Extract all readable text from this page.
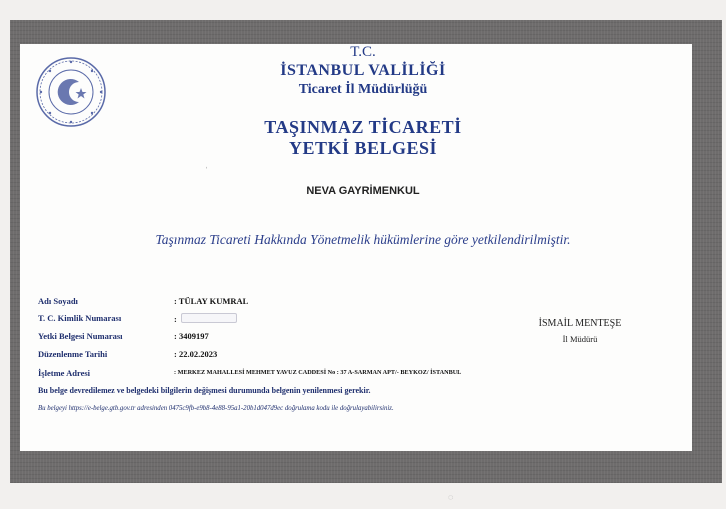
T.C.
İSTANBUL VALİLİĞİ
Ticaret İl Müdürlüğü
TAŞINMAZ TİCARETİ
YETKİ BELGESİ
NEVA GAYRİMENKUL
Taşınmaz Ticareti Hakkında Yönetmelik hükümlerine göre yetkilendirilmiştir.
Adı Soyadı	: TÜLAY KUMRAL
T. C. Kimlik Numarası	:
Yetki Belgesi Numarası	: 3409197
Düzenlenme Tarihi	: 22.02.2023
İşletme Adresi	: MERKEZ MAHALLESİ MEHMET YAVUZ CADDESİ No : 37 A-SARMAN APT/- BEYKOZ/ İSTANBUL
İSMAİL MENTEŞE
İl Müdürü
Bu belge devredilemez ve belgedeki bilgilerin değişmesi durumunda belgenin yenilenmesi gerekir.
Bu belgeyi https://e-belge.gtb.gov.tr adresinden 0475c9fb-e9b8-4e88-95a1-20b1d047d9ec doğrulama kodu ile doğrulayabilirsiniz.
ˌ
◌
